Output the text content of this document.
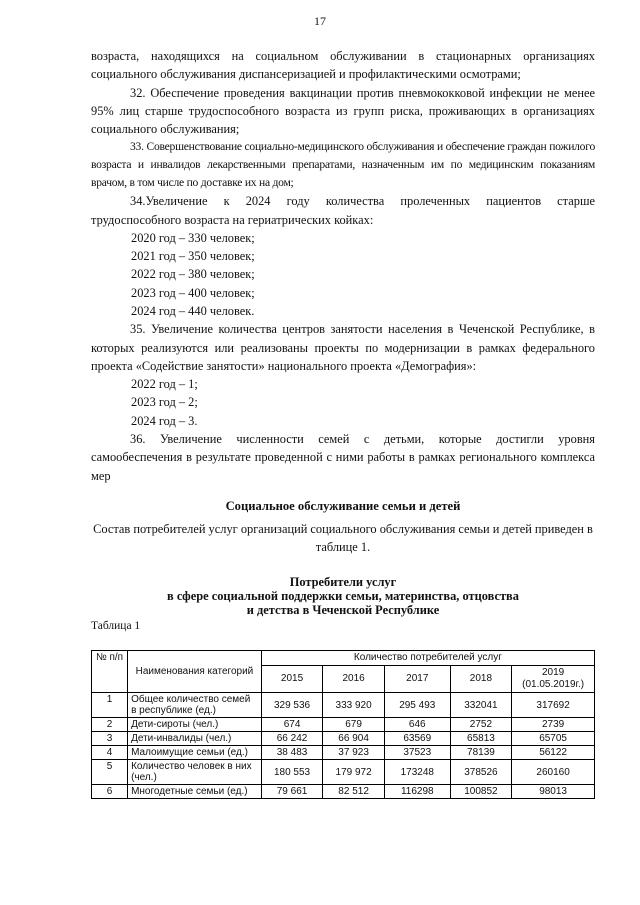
17

возраста, находящихся на социальном обслуживании в стационарных организациях социального обслуживания диспансеризацией и профилактическими осмотрами;

32. Обеспечение проведения вакцинации против пневмококковой инфекции не менее 95% лиц старше трудоспособного возраста из групп риска, проживающих в организациях социального обслуживания;

33. Совершенствование социально-медицинского обслуживания и обеспечение граждан пожилого возраста и инвалидов лекарственными препаратами, назначенным им по медицинским показаниям врачом, в том числе по доставке их на дом;

34.Увеличение к 2024 году количества пролеченных пациентов старше трудоспособного возраста на гериатрических койках:

2020 год – 330 человек;
2021 год – 350 человек;
2022 год – 380 человек;
2023 год – 400 человек;
2024 год – 440 человек.

35. Увеличение количества центров занятости населения в Чеченской Республике, в которых реализуются или реализованы проекты по модернизации в рамках федерального проекта «Содействие занятости» национального проекта «Демография»:

2022 год – 1;
2023 год – 2;
2024 год – 3.

36. Увеличение численности семей с детьми, которые достигли уровня самообеспечения в результате проведенной с ними работы в рамках регионального комплекса мер

Социальное обслуживание семьи и детей
Состав потребителей услуг организаций социального обслуживания семьи и детей приведен в таблице 1.
Потребители услуг
в сфере социальной поддержки семьи, материнства, отцовства
и детства в Чеченской Республике
Таблица 1
№ п/п	Наименования категорий	Количество потребителей услуг				
		2015	2016	2017	2018	2019 (01.05.2019г.)
1	Общее количество семей в республике (ед.)	329 536	333 920	295 493	332041	317692
2	Дети-сироты (чел.)	674	679	646	2752	2739
3	Дети-инвалиды (чел.)	66 242	66 904	63569	65813	65705
4	Малоимущие семьи (ед.)	38 483	37 923	37523	78139	56122
5	Количество человек в них (чел.)	180 553	179 972	173248	378526	260160
6	Многодетные семьи (ед.)	79 661	82 512	116298	100852	98013
